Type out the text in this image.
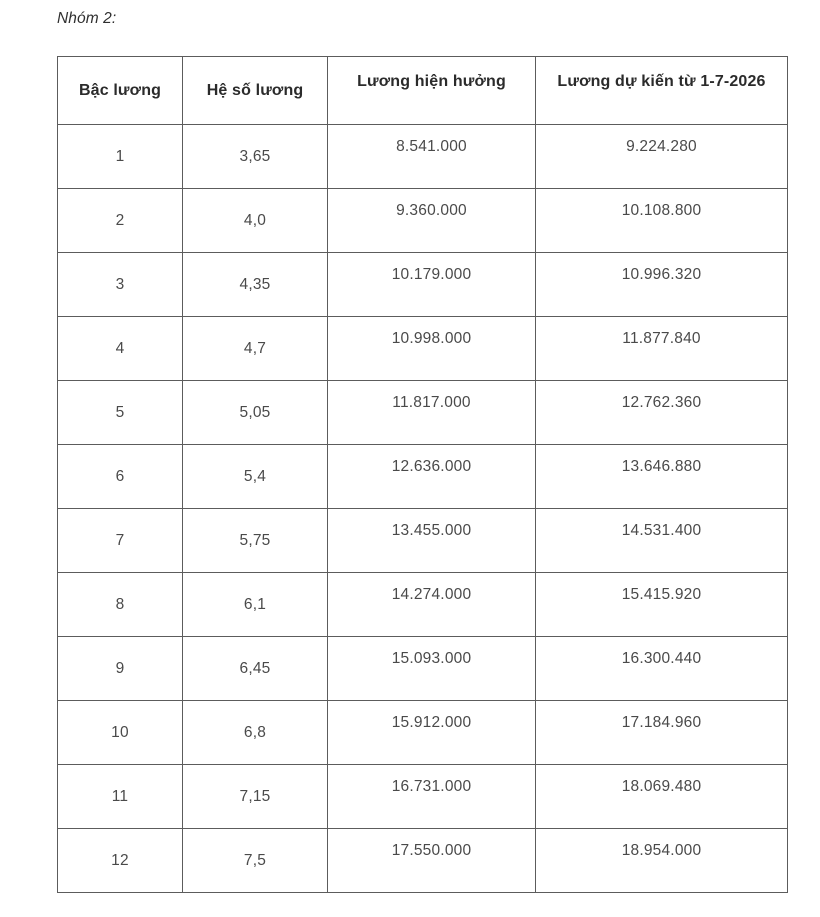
Nhóm 2:
Bậc lương	Hệ số lương	Lương hiện hưởng	Lương dự kiến từ 1-7-2026
1	3,65	8.541.000	9.224.280
2	4,0	9.360.000	10.108.800
3	4,35	10.179.000	10.996.320
4	4,7	10.998.000	11.877.840
5	5,05	11.817.000	12.762.360
6	5,4	12.636.000	13.646.880
7	5,75	13.455.000	14.531.400
8	6,1	14.274.000	15.415.920
9	6,45	15.093.000	16.300.440
10	6,8	15.912.000	17.184.960
11	7,15	16.731.000	18.069.480
12	7,5	17.550.000	18.954.000
